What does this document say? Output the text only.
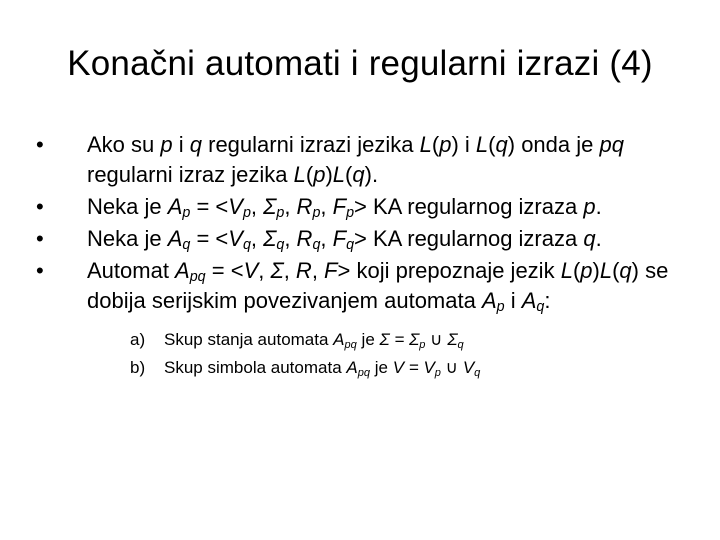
Konačni automati i regularni izrazi (4)
•	Ako su p i q regularni izrazi jezika L(p) i L(q) onda je pq regularni izraz jezika L(p)L(q).
•	Neka je $A_p = <V_p$, $\Sigma_p$, $R_p$, $F_p>$ KA regularnog izraza p.
•	Neka je $A_q = <V_q$, $\Sigma_q$, $R_q$, $F_q>$ KA regularnog izraza q.
•	Automat $A_{pq} = <V$, Σ, R, F> koji prepoznaje jezik L(p)L(q) se dobija serijskim povezivanjem automata $A_p$ i $A_q$:
a) Skup stanja automata $A_{pq}$ je $\Sigma = \Sigma_p$ ∪ $\Sigma_q$
b) Skup simbola automata $A_{pq}$ je $V = V_p$ ∪ $V_q$
